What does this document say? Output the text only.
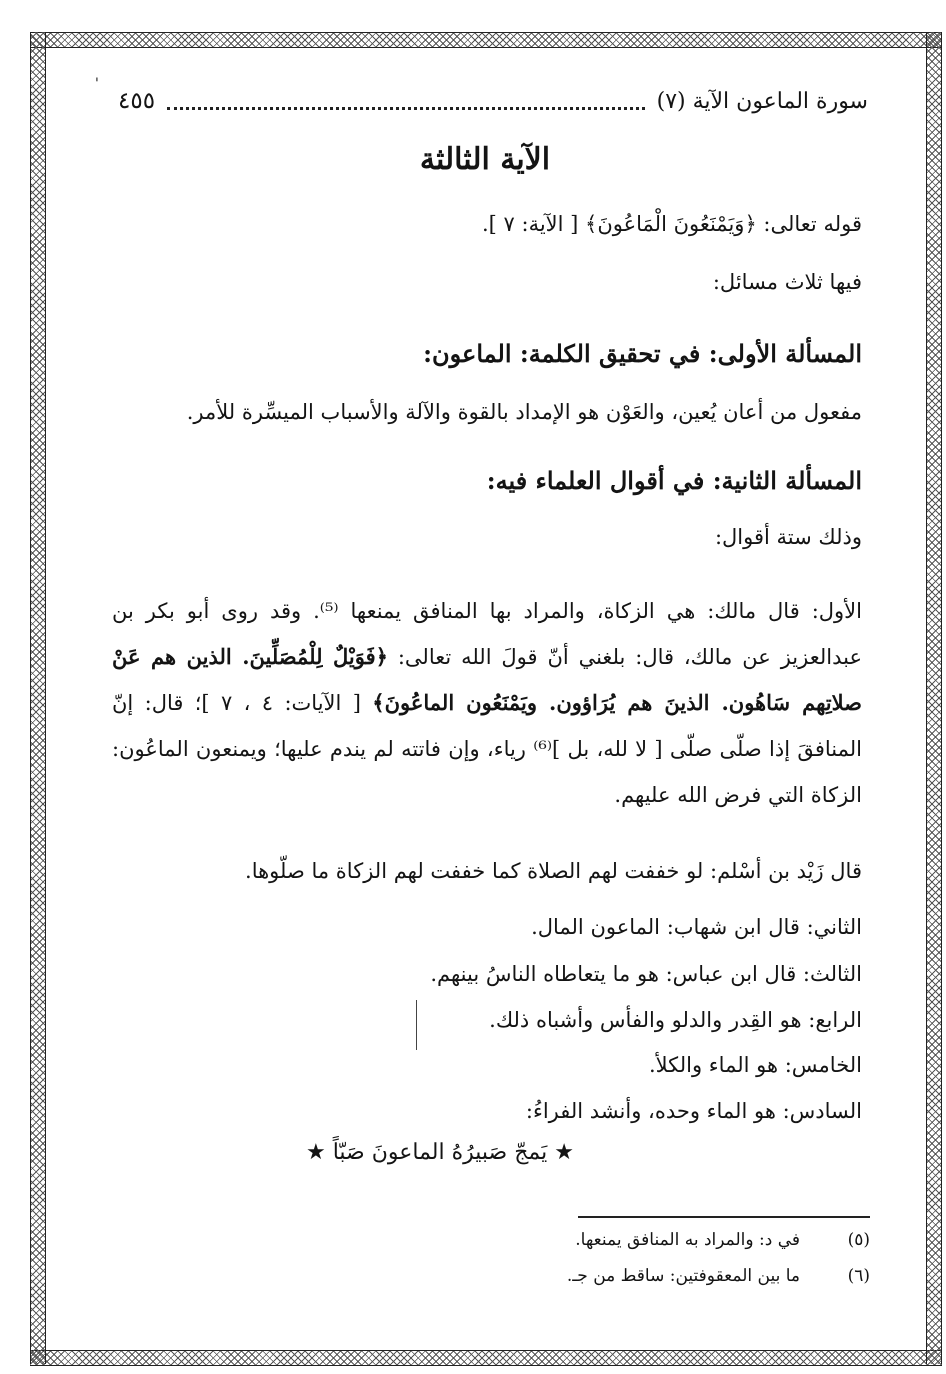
'
سورة الماعون الآية (٧)
٤٥٥
الآية الثالثة
قوله تعالى: ﴿وَيَمْنَعُونَ الْمَاعُونَ﴾ [ الآية: ٧ ].
فيها ثلاث مسائل:
المسألة الأولى: في تحقيق الكلمة: الماعون:
مفعول من أعان يُعين، والعَوْن هو الإمداد بالقوة والآلة والأسباب الميسِّرة للأمر.
المسألة الثانية: في أقوال العلماء فيه:
وذلك ستة أقوال:
الأول: قال مالك: هي الزكاة، والمراد بها المنافق يمنعها ⁽⁵⁾. وقد روى أبو بكر بن عبدالعزيز عن مالك، قال: بلغني أنّ قولَ الله تعالى: ﴿فَوَيْلٌ لِلْمُصَلِّينَ. الذين هم عَنْ صلاتِهم سَاهُون. الذينَ هم يُرَاؤون. ويَمْنَعُون الماعُونَ﴾ [ الآيات: ٤ ، ٧ ]؛ قال: إنّ المنافقَ إذا صلّى صلّى [ لا لله، بل ]⁽⁶⁾ رياء، وإن فاتته لم يندم عليها؛ ويمنعون الماعُون: الزكاة التي فرض الله عليهم.
قال زَيْد بن أسْلم: لو خففت لهم الصلاة كما خففت لهم الزكاة ما صلّوها.
الثاني: قال ابن شهاب: الماعون المال.
الثالث: قال ابن عباس: هو ما يتعاطاه الناسُ بينهم.
الرابع: هو القِدر والدلو والفأس وأشباه ذلك.
الخامس: هو الماء والكلأ.
السادس: هو الماء وحده، وأنشد الفراءُ:
★ يَمجّ صَبيرُهُ الماعونَ صَبّاً ★
(٥)
في د: والمراد به المنافق يمنعها.
(٦)
ما بين المعقوفتين: ساقط من جـ.
